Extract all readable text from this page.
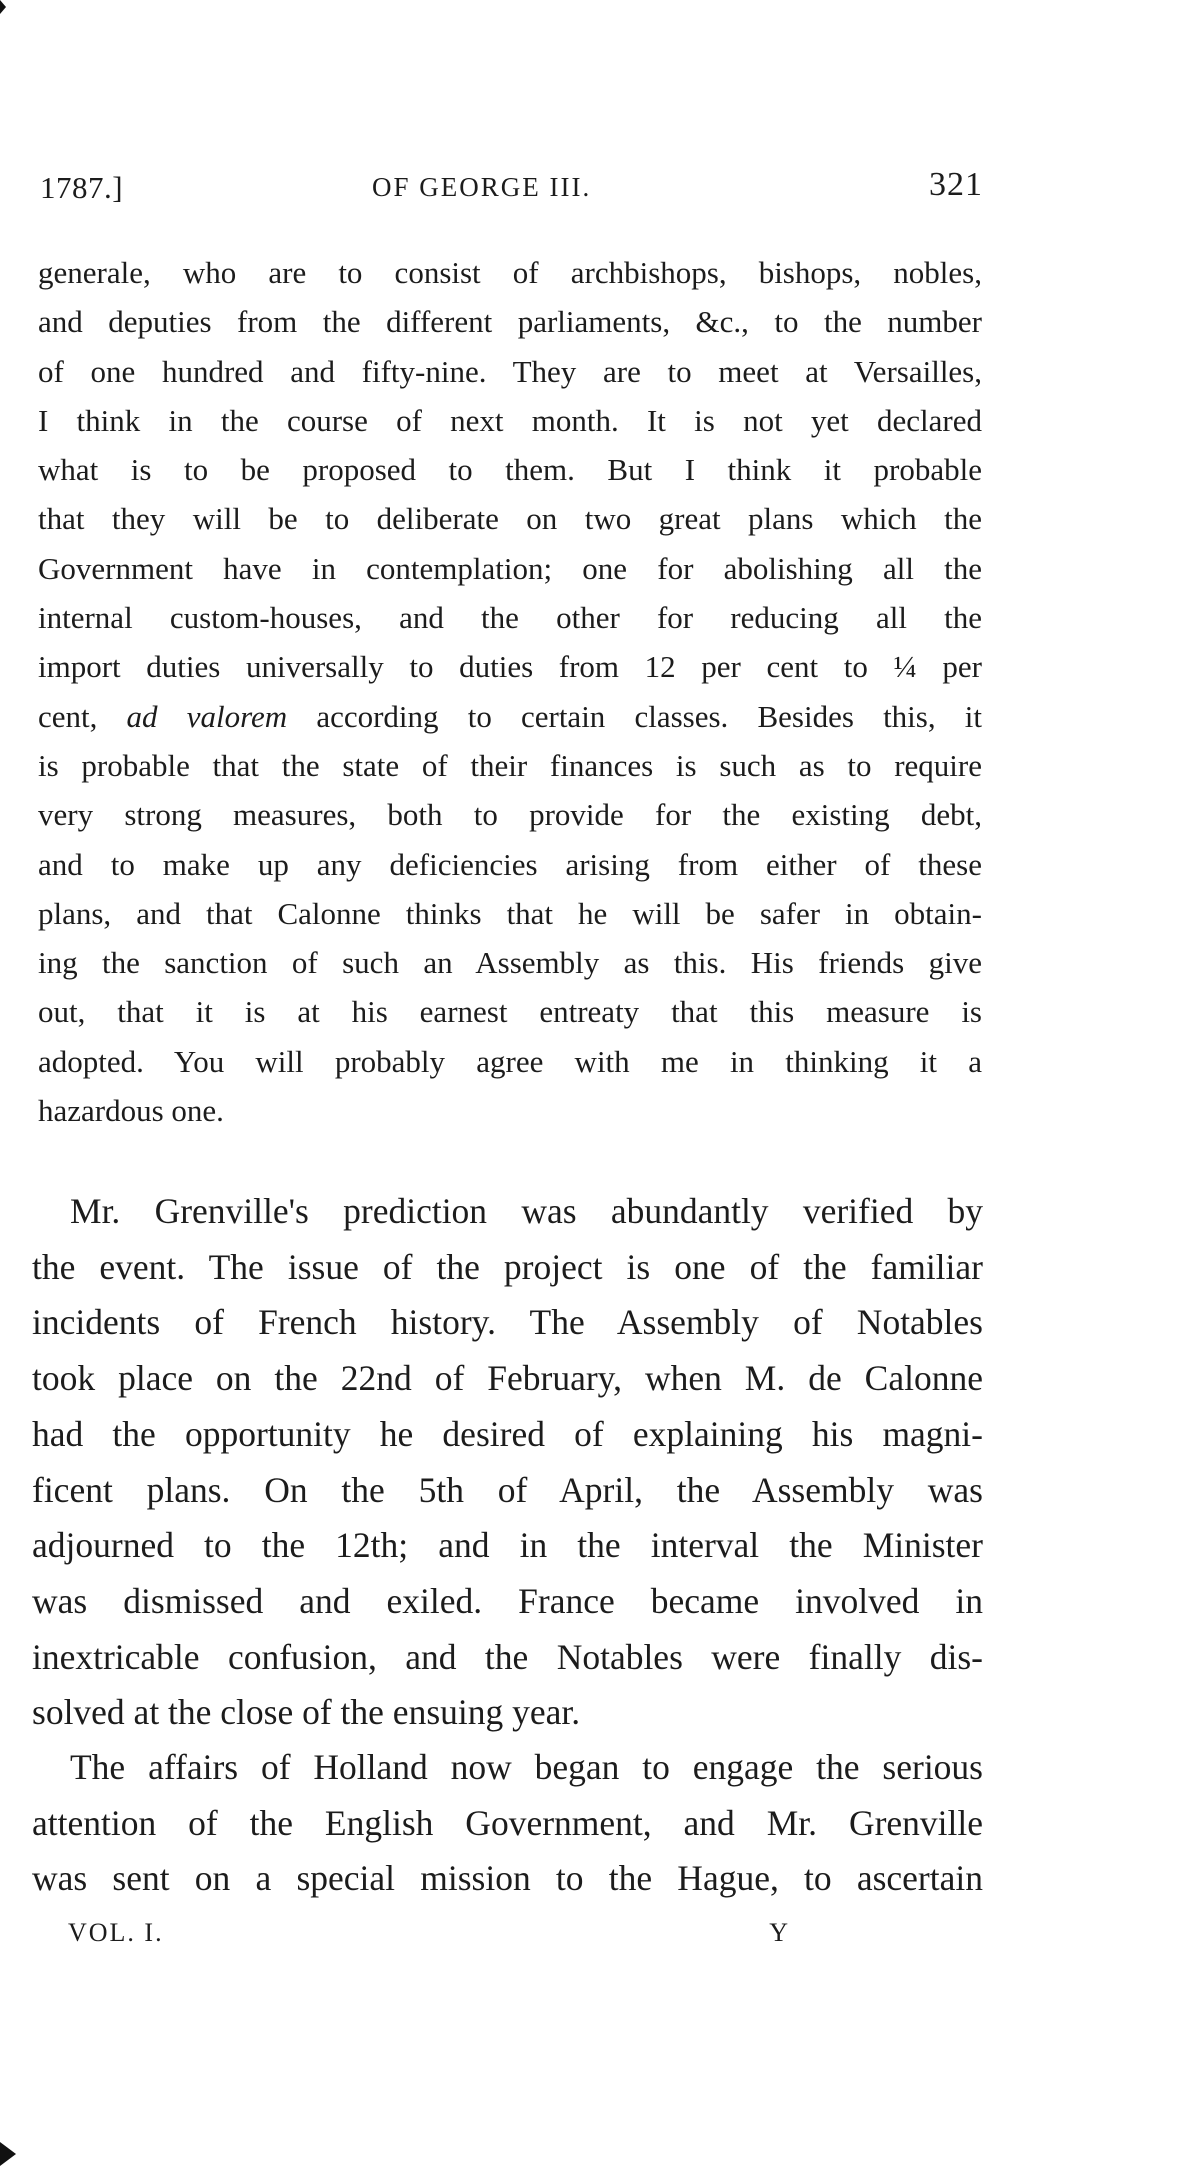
1787.]	OF GEORGE III.	321
generale, who are to consist of archbishops, bishops, nobles,
and deputies from the different parliaments, &c., to the number
of one hundred and fifty-nine. They are to meet at Versailles,
I think in the course of next month. It is not yet declared
what is to be proposed to them. But I think it probable
that they will be to deliberate on two great plans which the
Government have in contemplation; one for abolishing all the
internal custom-houses, and the other for reducing all the
import duties universally to duties from 12 per cent to ¼ per
cent, ad valorem according to certain classes. Besides this, it
is probable that the state of their finances is such as to require
very strong measures, both to provide for the existing debt,
and to make up any deficiencies arising from either of these
plans, and that Calonne thinks that he will be safer in obtain-
ing the sanction of such an Assembly as this. His friends give
out, that it is at his earnest entreaty that this measure is
adopted. You will probably agree with me in thinking it a
hazardous one.
Mr. Grenville's prediction was abundantly verified by
the event. The issue of the project is one of the familiar
incidents of French history. The Assembly of Notables
took place on the 22nd of February, when M. de Calonne
had the opportunity he desired of explaining his magni-
ficent plans. On the 5th of April, the Assembly was
adjourned to the 12th; and in the interval the Minister
was dismissed and exiled. France became involved in
inextricable confusion, and the Notables were finally dis-
solved at the close of the ensuing year.
The affairs of Holland now began to engage the serious
attention of the English Government, and Mr. Grenville
was sent on a special mission to the Hague, to ascertain
VOL. I.	Y
